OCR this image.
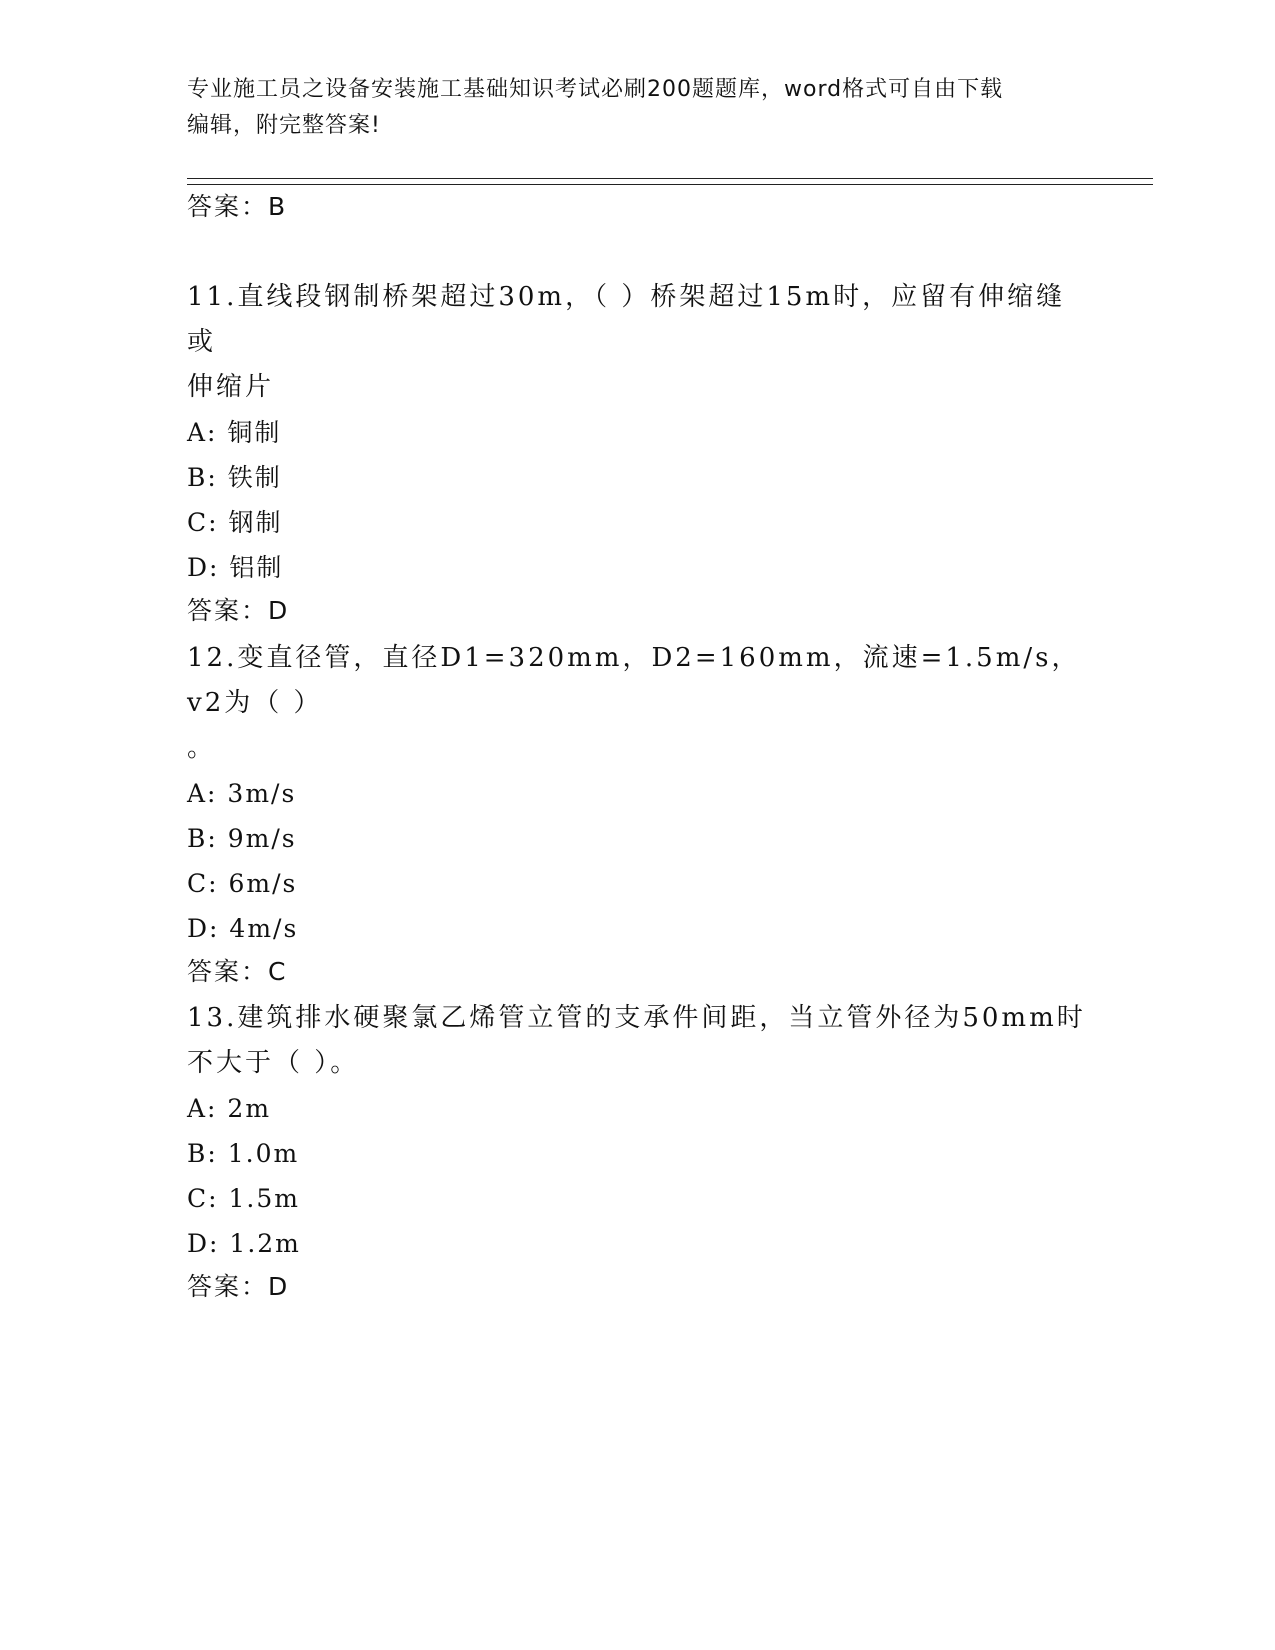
专业施工员之设备安装施工基础知识考试必刷200题题库，word格式可自由下载
编辑，附完整答案!
答案：B
11.直线段钢制桥架超过30m，（ ）桥架超过15m时，应留有伸缩缝或
伸缩片
A: 铜制
B: 铁制
C: 钢制
D: 铝制
答案：D
12.变直径管，直径D1=320mm，D2=160mm，流速=1.5m/s，v2为（ ）
。
A: 3m/s
B: 9m/s
C: 6m/s
D: 4m/s
答案：C
13.建筑排水硬聚氯乙烯管立管的支承件间距，当立管外径为50mm时
不大于（ ）。
A: 2m
B: 1.0m
C: 1.5m
D: 1.2m
答案：D
